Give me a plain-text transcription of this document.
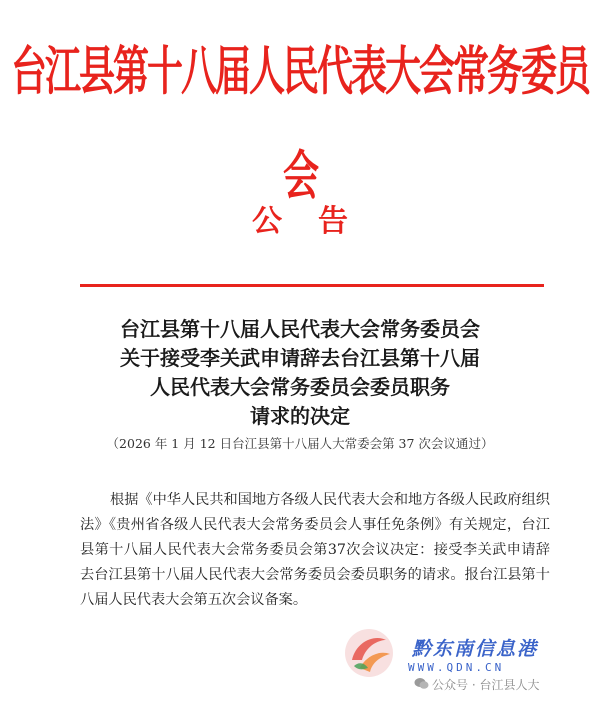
台江县第十八届人民代表大会常务委员会
公告
台江县第十八届人民代表大会常务委员会
关于接受李关武申请辞去台江县第十八届
人民代表大会常务委员会委员职务
请求的决定
（2026 年 1 月 12 日台江县第十八届人大常委会第 37 次会议通过）

根据《中华人民共和国地方各级人民代表大会和地方各级人民政府组织法》《贵州省各级人民代表大会常务委员会人事任免条例》有关规定，台江县第十八届人民代表大会常务委员会第37次会议决定：接受李关武申请辞去台江县第十八届人民代表大会常务委员会委员职务的请求。报台江县第十八届人民代表大会第五次会议备案。

黔东南信息港
WWW.QDN.CN
公众号 · 台江县人大
